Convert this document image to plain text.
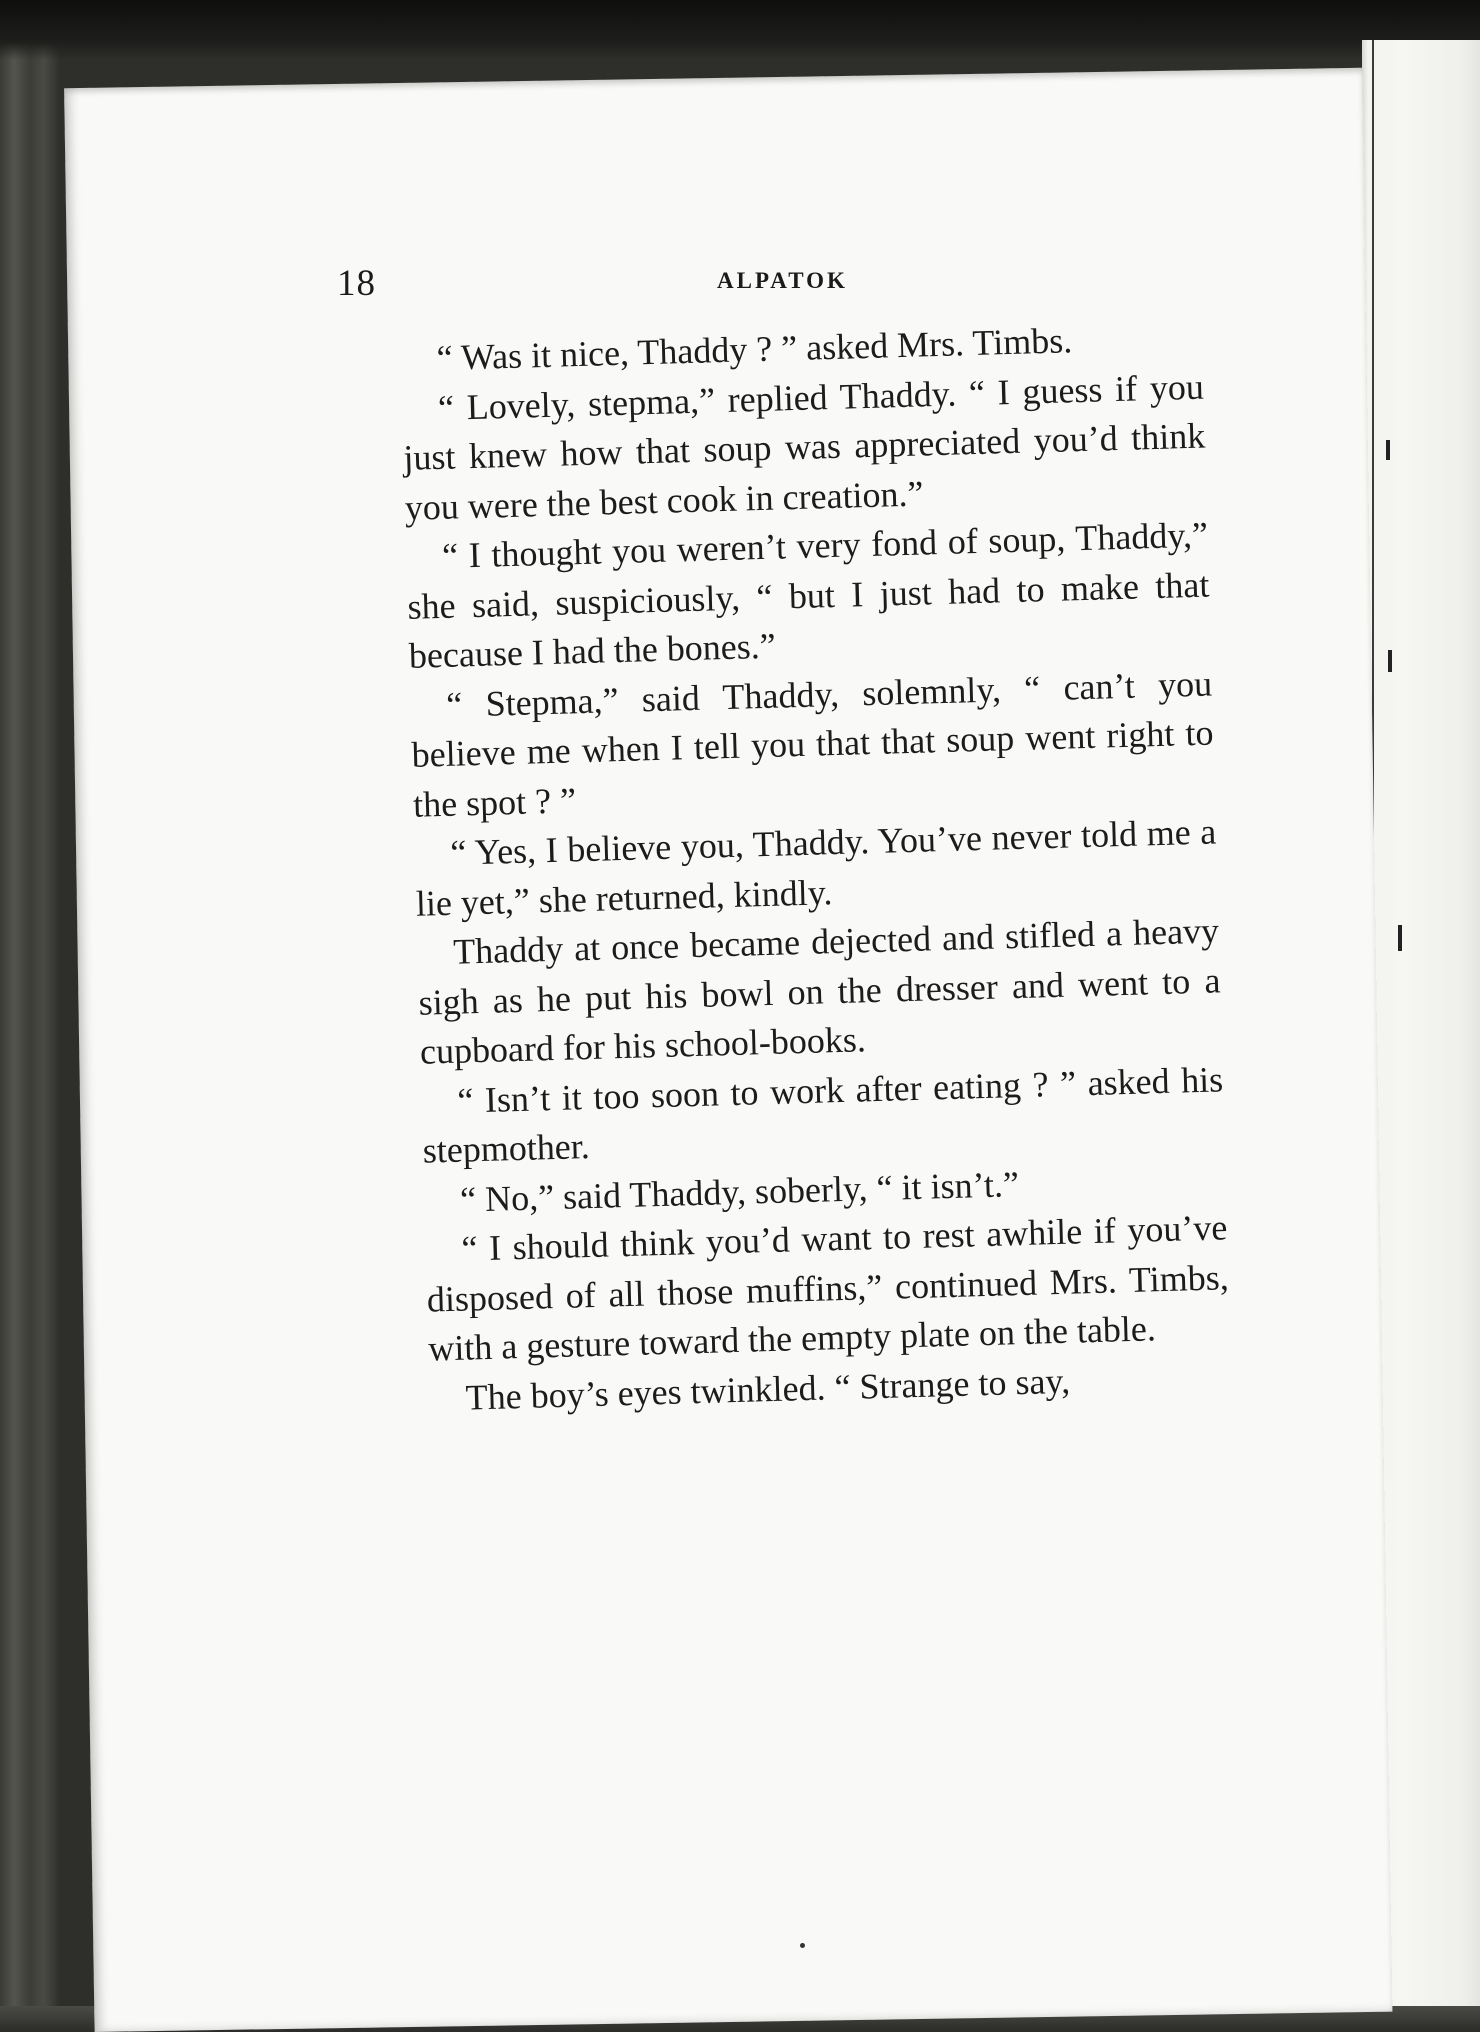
18	ALPATOK

“ Was it nice, Thaddy ? ” asked Mrs. Timbs.

“ Lovely, stepma,” replied Thaddy. “ I guess if you just knew how that soup was appreciated you’d think you were the best cook in creation.”

“ I thought you weren’t very fond of soup, Thaddy,” she said, suspiciously, “ but I just had to make that because I had the bones.”

“ Stepma,” said Thaddy, solemnly, “ can’t you believe me when I tell you that that soup went right to the spot ? ”

“ Yes, I believe you, Thaddy. You’ve never told me a lie yet,” she returned, kindly.

Thaddy at once became dejected and stifled a heavy sigh as he put his bowl on the dresser and went to a cupboard for his school-books.

“ Isn’t it too soon to work after eating ? ” asked his stepmother.

“ No,” said Thaddy, soberly, “ it isn’t.”

“ I should think you’d want to rest awhile if you’ve disposed of all those muffins,” continued Mrs. Timbs, with a gesture toward the empty plate on the table.

The boy’s eyes twinkled. “ Strange to say,
